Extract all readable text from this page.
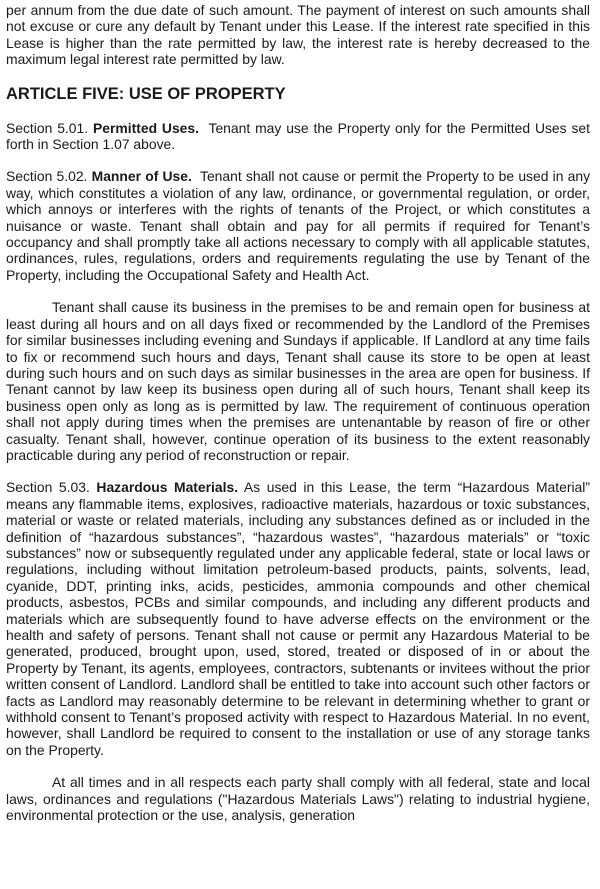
per annum from the due date of such amount. The payment of interest on such amounts shall not excuse or cure any default by Tenant under this Lease. If the interest rate specified in this Lease is higher than the rate permitted by law, the interest rate is hereby decreased to the maximum legal interest rate permitted by law.

ARTICLE FIVE: USE OF PROPERTY

Section 5.01. Permitted Uses. Tenant may use the Property only for the Permitted Uses set forth in Section 1.07 above.

Section 5.02. Manner of Use. Tenant shall not cause or permit the Property to be used in any way, which constitutes a violation of any law, ordinance, or governmental regulation, or order, which annoys or interferes with the rights of tenants of the Project, or which constitutes a nuisance or waste. Tenant shall obtain and pay for all permits if required for Tenant’s occupancy and shall promptly take all actions necessary to comply with all applicable statutes, ordinances, rules, regulations, orders and requirements regulating the use by Tenant of the Property, including the Occupational Safety and Health Act.

Tenant shall cause its business in the premises to be and remain open for business at least during all hours and on all days fixed or recommended by the Landlord of the Premises for similar businesses including evening and Sundays if applicable. If Landlord at any time fails to fix or recommend such hours and days, Tenant shall cause its store to be open at least during such hours and on such days as similar businesses in the area are open for business. If Tenant cannot by law keep its business open during all of such hours, Tenant shall keep its business open only as long as is permitted by law. The requirement of continuous operation shall not apply during times when the premises are untenantable by reason of fire or other casualty. Tenant shall, however, continue operation of its business to the extent reasonably practicable during any period of reconstruction or repair.

Section 5.03. Hazardous Materials. As used in this Lease, the term “Hazardous Material” means any flammable items, explosives, radioactive materials, hazardous or toxic substances, material or waste or related materials, including any substances defined as or included in the definition of “hazardous substances”, “hazardous wastes”, “hazardous materials” or “toxic substances” now or subsequently regulated under any applicable federal, state or local laws or regulations, including without limitation petroleum-based products, paints, solvents, lead, cyanide, DDT, printing inks, acids, pesticides, ammonia compounds and other chemical products, asbestos, PCBs and similar compounds, and including any different products and materials which are subsequently found to have adverse effects on the environment or the health and safety of persons. Tenant shall not cause or permit any Hazardous Material to be generated, produced, brought upon, used, stored, treated or disposed of in or about the Property by Tenant, its agents, employees, contractors, subtenants or invitees without the prior written consent of Landlord. Landlord shall be entitled to take into account such other factors or facts as Landlord may reasonably determine to be relevant in determining whether to grant or withhold consent to Tenant’s proposed activity with respect to Hazardous Material. In no event, however, shall Landlord be required to consent to the installation or use of any storage tanks on the Property.

At all times and in all respects each party shall comply with all federal, state and local laws, ordinances and regulations ("Hazardous Materials Laws") relating to industrial hygiene, environmental protection or the use, analysis, generation
